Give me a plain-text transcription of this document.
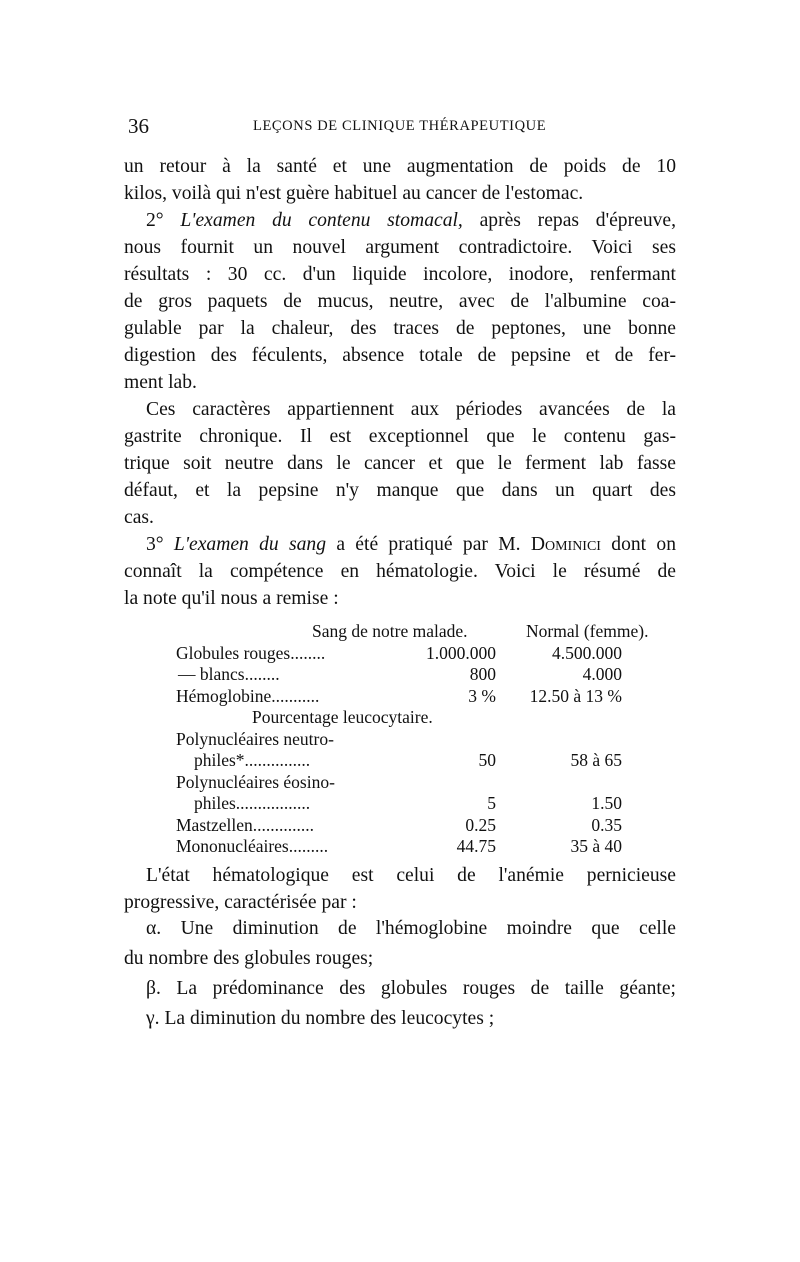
36	LEÇONS DE CLINIQUE THÉRAPEUTIQUE
un retour à la santé et une augmentation de poids de 10
kilos, voilà qui n'est guère habituel au cancer de l'estomac.
2° L'examen du contenu stomacal, après repas d'épreuve,
nous fournit un nouvel argument contradictoire. Voici ses
résultats : 30 cc. d'un liquide incolore, inodore, renfermant
de gros paquets de mucus, neutre, avec de l'albumine coa-
gulable par la chaleur, des traces de peptones, une bonne
digestion des féculents, absence totale de pepsine et de fer-
ment lab.
Ces caractères appartiennent aux périodes avancées de la
gastrite chronique. Il est exceptionnel que le contenu gas-
trique soit neutre dans le cancer et que le ferment lab fasse
défaut, et la pepsine n'y manque que dans un quart des
cas.
3° L'examen du sang a été pratiqué par M. Dominici dont on
connaît la compétence en hématologie. Voici le résumé de
la note qu'il nous a remise :
Sang de notre malade.	Normal (femme).
Globules rouges........	1.000.000	4.500.000
— blancs........	800	4.000
Hémoglobine...........	3 %	12.50 à 13 %
Pourcentage leucocytaire.
Polynucléaires neutro-
philes*...............	50	58 à 65
Polynucléaires éosino-
philes.................	5	1.50
Mastzellen..............	0.25	0.35
Mononucléaires.........	44.75	35 à 40
L'état hématologique est celui de l'anémie pernicieuse
progressive, caractérisée par :
α. Une diminution de l'hémoglobine moindre que celle
du nombre des globules rouges;
β. La prédominance des globules rouges de taille géante;
γ. La diminution du nombre des leucocytes ;
